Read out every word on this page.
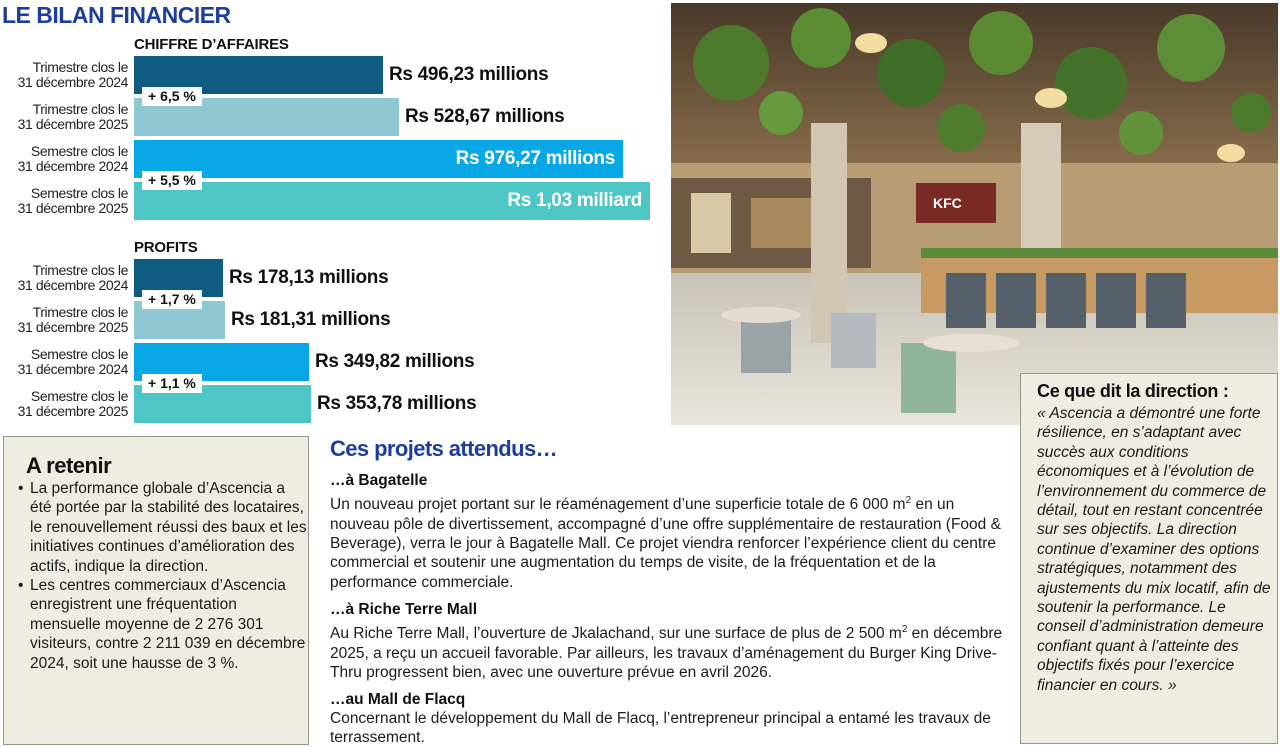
LE BILAN FINANCIER
CHIFFRE D’AFFAIRES
Trimestre clos le
31 décembre 2024
Trimestre clos le
31 décembre 2025
Semestre clos le
31 décembre 2024
Semestre clos le
31 décembre 2025
Rs 496,23 millions
Rs 528,67 millions
Rs 976,27 millions
Rs 1,03 milliard
+ 6,5 %
+ 5,5 %
PROFITS
Trimestre clos le
31 décembre 2024
Trimestre clos le
31 décembre 2025
Semestre clos le
31 décembre 2024
Semestre clos le
31 décembre 2025
Rs 178,13 millions
Rs 181,31 millions
Rs 349,82 millions
Rs 353,78 millions
+ 1,7 %
+ 1,1 %
KFC
A retenir
• La performance globale d’Ascencia a été portée par la stabilité des locataires, le renouvellement réussi des baux et les initiatives continues d’amélioration des actifs, indique la direction.
• Les centres commerciaux d’Ascencia enregistrent une fréquentation mensuelle moyenne de 2 276 301 visiteurs, contre 2 211 039 en décembre 2024, soit une hausse de 3 %.
Ces projets attendus…
…à Bagatelle
Un nouveau projet portant sur le réaménagement d’une superficie totale de 6 000 $m^2$ en un nouveau pôle de divertissement, accompagné d’une offre supplémentaire de restauration (Food & Beverage), verra le jour à Bagatelle Mall. Ce projet viendra renforcer l’expérience client du centre commercial et soutenir une augmentation du temps de visite, de la fréquentation et de la performance commerciale.
…à Riche Terre Mall
Au Riche Terre Mall, l’ouverture de Jkalachand, sur une surface de plus de 2 500 $m^2$ en décembre 2025, a reçu un accueil favorable. Par ailleurs, les travaux d’aménagement du Burger King Drive-Thru progressent bien, avec une ouverture prévue en avril 2026.
…au Mall de Flacq
Concernant le développement du Mall de Flacq, l’entrepreneur principal a entamé les travaux de terrassement.
Ce que dit la direction :
« Ascencia a démontré une forte résilience, en s’adaptant avec succès aux conditions économiques et à l’évolution de l’environnement du commerce de détail, tout en restant concentrée sur ses objectifs. La direction continue d’examiner des options stratégiques, notamment des ajustements du mix locatif, afin de soutenir la performance. Le conseil d’administration demeure confiant quant à l’atteinte des objectifs fixés pour l’exercice financier en cours. »
